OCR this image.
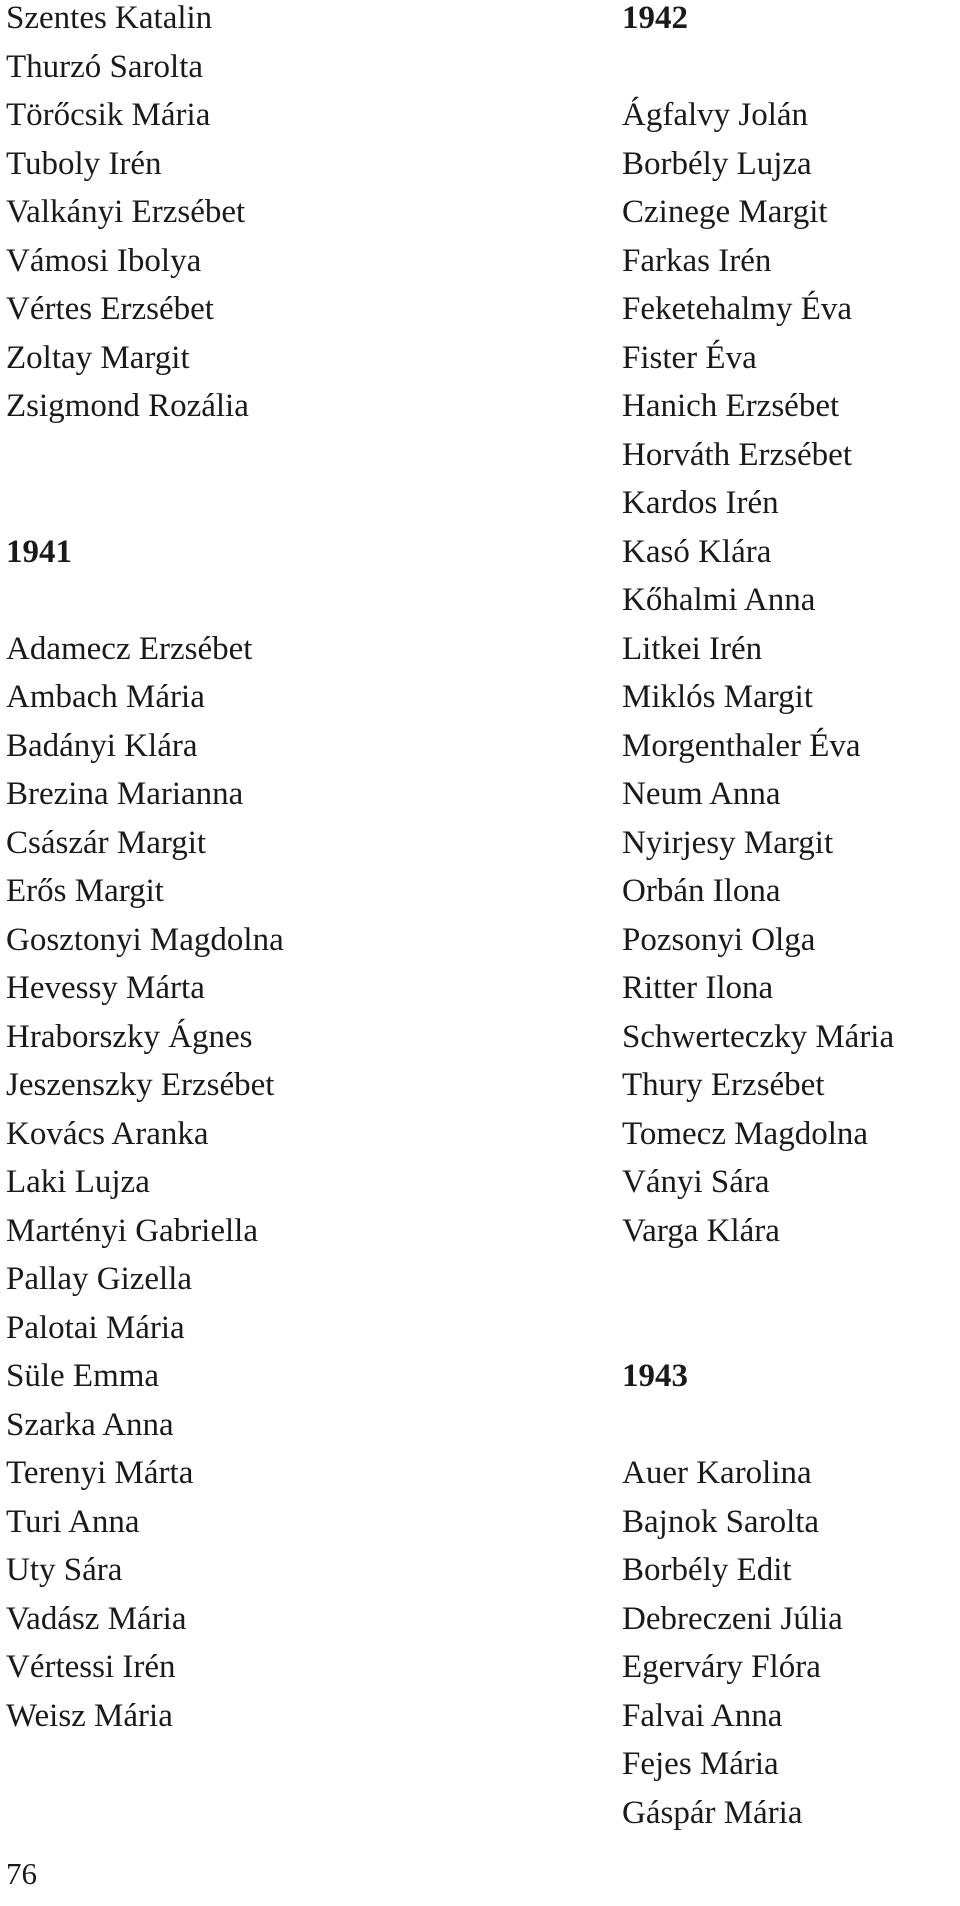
Szentes Katalin
Thurzó Sarolta
Törőcsik Mária
Tuboly Irén
Valkányi Erzsébet
Vámosi Ibolya
Vértes Erzsébet
Zoltay Margit
Zsigmond Rozália
1941
Adamecz Erzsébet
Ambach Mária
Badányi Klára
Brezina Marianna
Császár Margit
Erős Margit
Gosztonyi Magdolna
Hevessy Márta
Hraborszky Ágnes
Jeszenszky Erzsébet
Kovács Aranka
Laki Lujza
Martényi Gabriella
Pallay Gizella
Palotai Mária
Süle Emma
Szarka Anna
Terenyi Márta
Turi Anna
Uty Sára
Vadász Mária
Vértessi Irén
Weisz Mária
1942
Ágfalvy Jolán
Borbély Lujza
Czinege Margit
Farkas Irén
Feketehalmy Éva
Fister Éva
Hanich Erzsébet
Horváth Erzsébet
Kardos Irén
Kasó Klára
Kőhalmi Anna
Litkei Irén
Miklós Margit
Morgenthaler Éva
Neum Anna
Nyirjesy Margit
Orbán Ilona
Pozsonyi Olga
Ritter Ilona
Schwerteczky Mária
Thury Erzsébet
Tomecz Magdolna
Ványi Sára
Varga Klára
1943
Auer Karolina
Bajnok Sarolta
Borbély Edit
Debreczeni Júlia
Egerváry Flóra
Falvai Anna
Fejes Mária
Gáspár Mária
76
